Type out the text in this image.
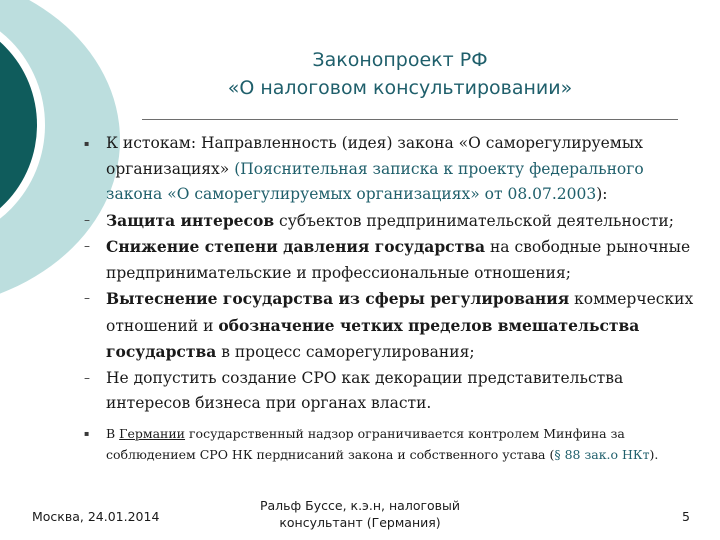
Законопроект РФ
«О налоговом консультировании»
▪ К истокам: Направленность (идея) закона «О саморегулируемых организациях» (Пояснительная записка к проекту федерального закона «О саморегулируемых организациях» от 08.07.2003):
– Защита интересов субъектов предпринимательской деятельности;
– Снижение степени давления государства на свободные рыночные предпринимательские и профессиональные отношения;
– Вытеснение государства из сферы регулирования коммерческих отношений и обозначение четких пределов вмешательства государства в процесс саморегулирования;
– Не допустить создание СРО как декорации представительства интересов бизнеса при органах власти.
▪ В Германии государственный надзор ограничивается контролем Минфина за соблюдением СРО НК перднисаний закона и собственного устава (§ 88 зак.о НКт).
Москва, 24.01.2014
Ральф Буссе, к.э.н, налоговый
консультант (Германия)	5
